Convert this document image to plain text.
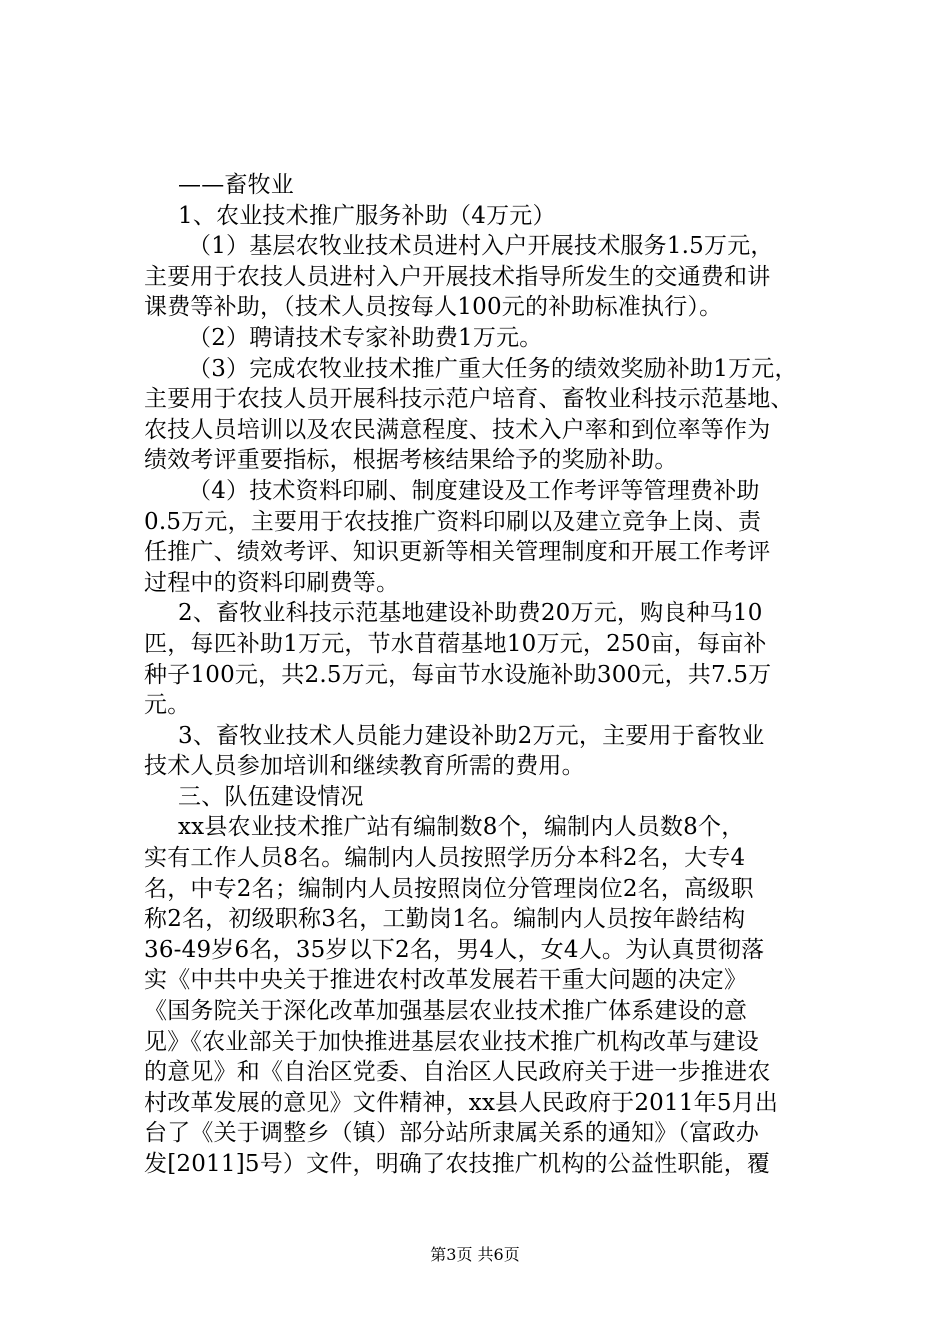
——畜牧业
1、农业技术推广服务补助（4万元）
（1）基层农牧业技术员进村入户开展技术服务1.5万元，
主要用于农技人员进村入户开展技术指导所发生的交通费和讲
课费等补助，（技术人员按每人100元的补助标准执行）。
（2）聘请技术专家补助费1万元。
（3）完成农牧业技术推广重大任务的绩效奖励补助1万元，
主要用于农技人员开展科技示范户培育、畜牧业科技示范基地、
农技人员培训以及农民满意程度、技术入户率和到位率等作为
绩效考评重要指标，根据考核结果给予的奖励补助。
（4）技术资料印刷、制度建设及工作考评等管理费补助
0.5万元，主要用于农技推广资料印刷以及建立竞争上岗、责
任推广、绩效考评、知识更新等相关管理制度和开展工作考评
过程中的资料印刷费等。
2、畜牧业科技示范基地建设补助费20万元，购良种马10
匹，每匹补助1万元，节水苜蓿基地10万元，250亩，每亩补
种子100元，共2.5万元，每亩节水设施补助300元，共7.5万
元。
3、畜牧业技术人员能力建设补助2万元，主要用于畜牧业
技术人员参加培训和继续教育所需的费用。
三、队伍建设情况
xx县农业技术推广站有编制数8个，编制内人员数8个，
实有工作人员8名。编制内人员按照学历分本科2名，大专4
名，中专2名；编制内人员按照岗位分管理岗位2名，高级职
称2名，初级职称3名，工勤岗1名。编制内人员按年龄结构
36-49岁6名，35岁以下2名，男4人，女4人。为认真贯彻落
实《中共中央关于推进农村改革发展若干重大问题的决定》
《国务院关于深化改革加强基层农业技术推广体系建设的意
见》《农业部关于加快推进基层农业技术推广机构改革与建设
的意见》和《自治区党委、自治区人民政府关于进一步推进农
村改革发展的意见》文件精神，xx县人民政府于2011年5月出
台了《关于调整乡（镇）部分站所隶属关系的通知》（富政办
发[2011]5号）文件，明确了农技推广机构的公益性职能，覆
第3页 共6页
